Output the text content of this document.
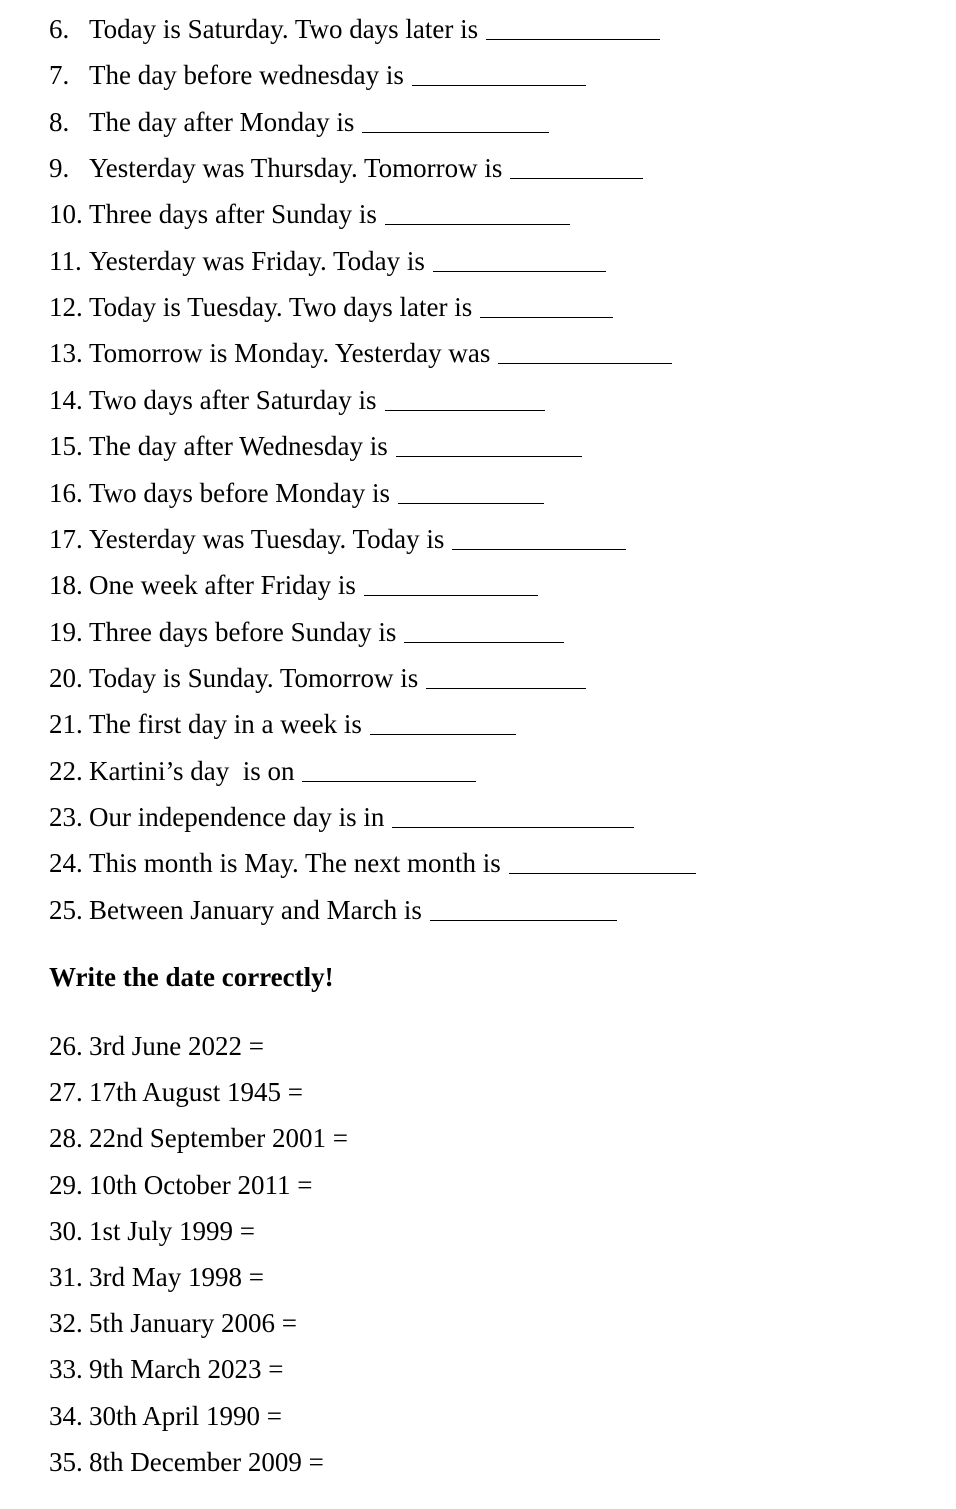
6. Today is Saturday. Two days later is
7. The day before wednesday is
8. The day after Monday is
9. Yesterday was Thursday. Tomorrow is
10. Three days after Sunday is
11. Yesterday was Friday. Today is
12. Today is Tuesday. Two days later is
13. Tomorrow is Monday. Yesterday was
14. Two days after Saturday is
15. The day after Wednesday is
16. Two days before Monday is
17. Yesterday was Tuesday. Today is
18. One week after Friday is
19. Three days before Sunday is
20. Today is Sunday. Tomorrow is
21. The first day in a week is
22. Kartini’s day  is on
23. Our independence day is in
24. This month is May. The next month is
25. Between January and March is
Write the date correctly!
26. 3rd June 2022 =
27. 17th August 1945 =
28. 22nd September 2001 =
29. 10th October 2011 =
30. 1st July 1999 =
31. 3rd May 1998 =
32. 5th January 2006 =
33. 9th March 2023 =
34. 30th April 1990 =
35. 8th December 2009 =
